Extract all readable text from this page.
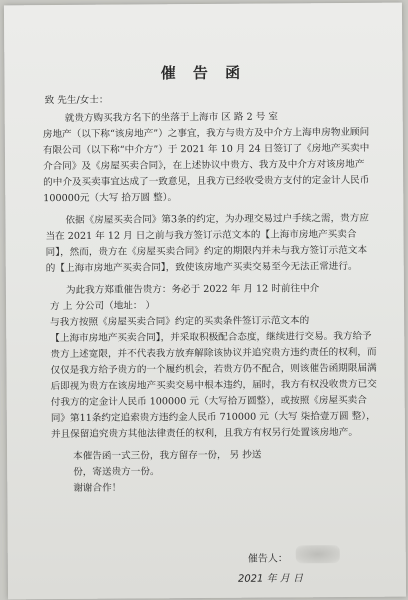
催 告 函
致 先生/女士：
就贵方购买我方名下的坐落于上海市 区 路 2 号 室
房地产（以下称“该房地产”）之事宜，我方与贵方及中介方上海申房物业顾问
有限公司（以下称“中介方”）于 2021 年 10 月 24 日签订了《房地产买卖中
介合同》及《房屋买卖合同》，在上述协议中贵方、我方及中介方对该房地产
的中介及买卖事宜达成了一致意见，且我方已经收受贵方支付的定金计人民币
100000元（大写 拾万圆 整）。
依据《房屋买卖合同》第3条的约定，为办理交易过户手续之需，贵方应
当在 2021 年 12 月 日之前与我方签订示范文本的【上海市房地产买卖合
同】，然而，贵方在《房屋买卖合同》约定的期限内并未与我方签订示范文本
的【上海市房地产买卖合同】，致使该房地产买卖交易至今无法正常进行。
为此我方郑重催告贵方：务必于 2022 年 月 12 时前往中介
方 上 分公司（地址： ）
与我方按照《房屋买卖合同》约定的买卖条件签订示范文本的
【上海市房地产买卖合同】，并采取积极配合态度，继续进行交易。我方给予
贵方上述宽限，并不代表我方放弃解除该协议并追究贵方违约责任的权利，而
仅仅是我方给予贵方的一个履约机会，若贵方仍不配合，则该催告函期限届满
后即视为贵方在该房地产买卖交易中根本违约，届时，我方有权没收贵方已交
付我方的定金计人民币 100000 元（大写拾万圆整），或按照《房屋买卖合
同》第11条约定追索贵方违约金人民币 710000 元（大写 柒拾壹万圆 整），
并且保留追究贵方其他法律责任的权利，且我方有权另行处置该房地产。
本催告函一式三份，我方留存一份， 另 抄送
份，寄送贵方一份。
谢谢合作！
催告人：
2021 年 月 日
